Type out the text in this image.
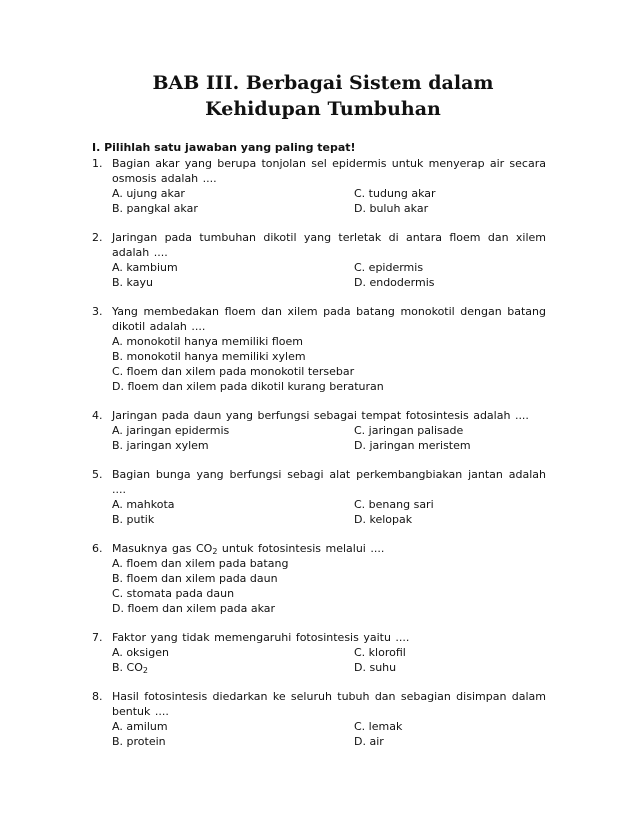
BAB III. Berbagai Sistem dalam Kehidupan Tumbuhan
I. Pilihlah satu jawaban yang paling tepat!
1. Bagian akar yang berupa tonjolan sel epidermis untuk menyerap air secara osmosis adalah ....
A. ujung akar	C. tudung akar
B. pangkal akar	D. buluh akar
2. Jaringan pada tumbuhan dikotil yang terletak di antara floem dan xilem adalah ....
A. kambium	C. epidermis
B. kayu	D. endodermis
3. Yang membedakan floem dan xilem pada batang monokotil dengan batang dikotil adalah ....
A. monokotil hanya memiliki floem
B. monokotil hanya memiliki xylem
C. floem dan xilem pada monokotil tersebar
D. floem dan xilem pada dikotil kurang beraturan
4. Jaringan pada daun yang berfungsi sebagai tempat fotosintesis adalah ....
A. jaringan epidermis	C. jaringan palisade
B. jaringan xylem	D. jaringan meristem
5. Bagian bunga yang berfungsi sebagi alat perkembangbiakan jantan adalah ....
A. mahkota	C. benang sari
B. putik	D. kelopak
6. Masuknya gas $CO_2$ untuk fotosintesis melalui ....
A. floem dan xilem pada batang
B. floem dan xilem pada daun
C. stomata pada daun
D. floem dan xilem pada akar
7. Faktor yang tidak memengaruhi fotosintesis yaitu ....
A. oksigen	C. klorofil
B. $CO_2$	D. suhu
8. Hasil fotosintesis diedarkan ke seluruh tubuh dan sebagian disimpan dalam bentuk ....
A. amilum	C. lemak
B. protein	D. air
